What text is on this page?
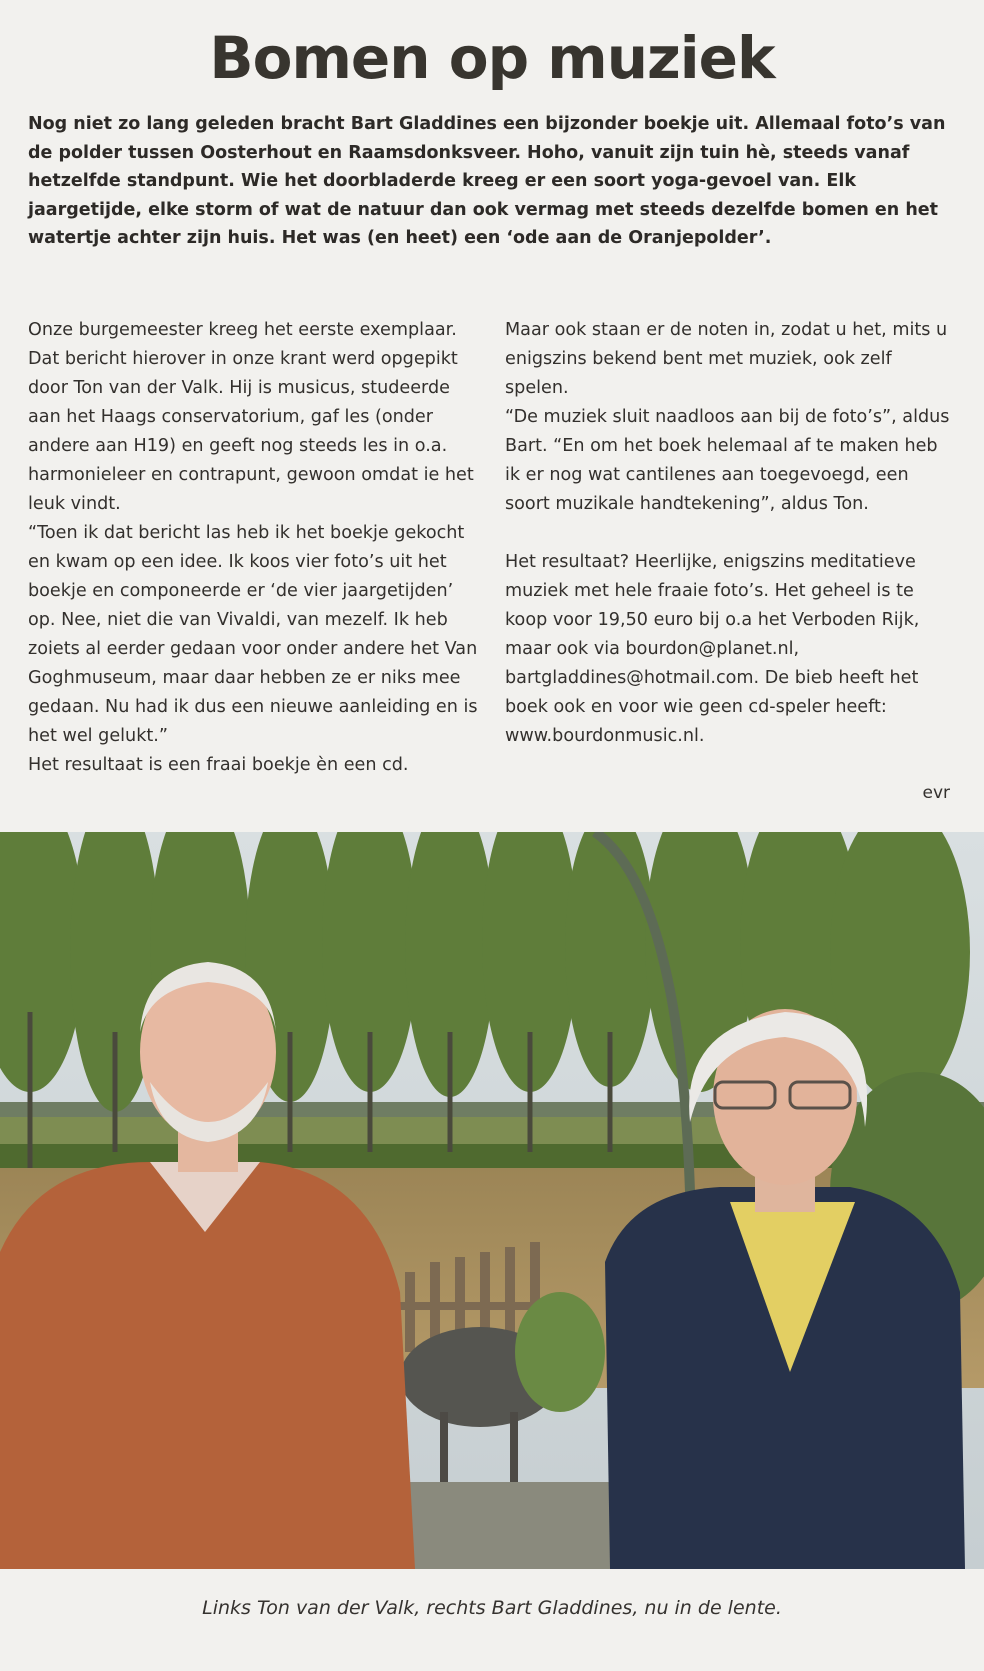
Bomen op muziek

Nog niet zo lang geleden bracht Bart Gladdines een bijzonder boekje uit. Allemaal foto’s van de polder tussen Oosterhout en Raamsdonksveer. Hoho, vanuit zijn tuin hè, steeds vanaf hetzelfde standpunt. Wie het doorbladerde kreeg er een soort yoga-gevoel van. Elk jaargetijde, elke storm of wat de natuur dan ook vermag met steeds dezelfde bomen en het watertje achter zijn huis. Het was (en heet) een ‘ode aan de Oranjepolder’.

Onze burgemeester kreeg het eerste exemplaar. Dat bericht hierover in onze krant werd opgepikt door Ton van der Valk. Hij is musicus, studeerde aan het Haags conservatorium, gaf les (onder andere aan H19) en geeft nog steeds les in o.a. harmonieleer en contrapunt, gewoon omdat ie het leuk vindt.

“Toen ik dat bericht las heb ik het boekje gekocht en kwam op een idee. Ik koos vier foto’s uit het boekje en componeerde er ‘de vier jaargetijden’ op. Nee, niet die van Vivaldi, van mezelf. Ik heb zoiets al eerder gedaan voor onder andere het Van Goghmuseum, maar daar hebben ze er niks mee gedaan. Nu had ik dus een nieuwe aanleiding en is het wel gelukt.”

Het resultaat is een fraai boekje èn een cd.

Maar ook staan er de noten in, zodat u het, mits u enigszins bekend bent met muziek, ook zelf spelen.

“De muziek sluit naadloos aan bij de foto’s”, aldus Bart. “En om het boek helemaal af te maken heb ik er nog wat cantilenes aan toegevoegd, een soort muzikale handtekening”, aldus Ton.

Het resultaat? Heerlijke, enigszins meditatieve muziek met hele fraaie foto’s. Het geheel is te koop voor 19,50 euro bij o.a het Verboden Rijk, maar ook via bourdon@planet.nl, bartgladdines@hotmail.com. De bieb heeft het boek ook en voor wie geen cd-speler heeft: www.bourdonmusic.nl.

evr

Links Ton van der Valk, rechts Bart Gladdines, nu in de lente.
